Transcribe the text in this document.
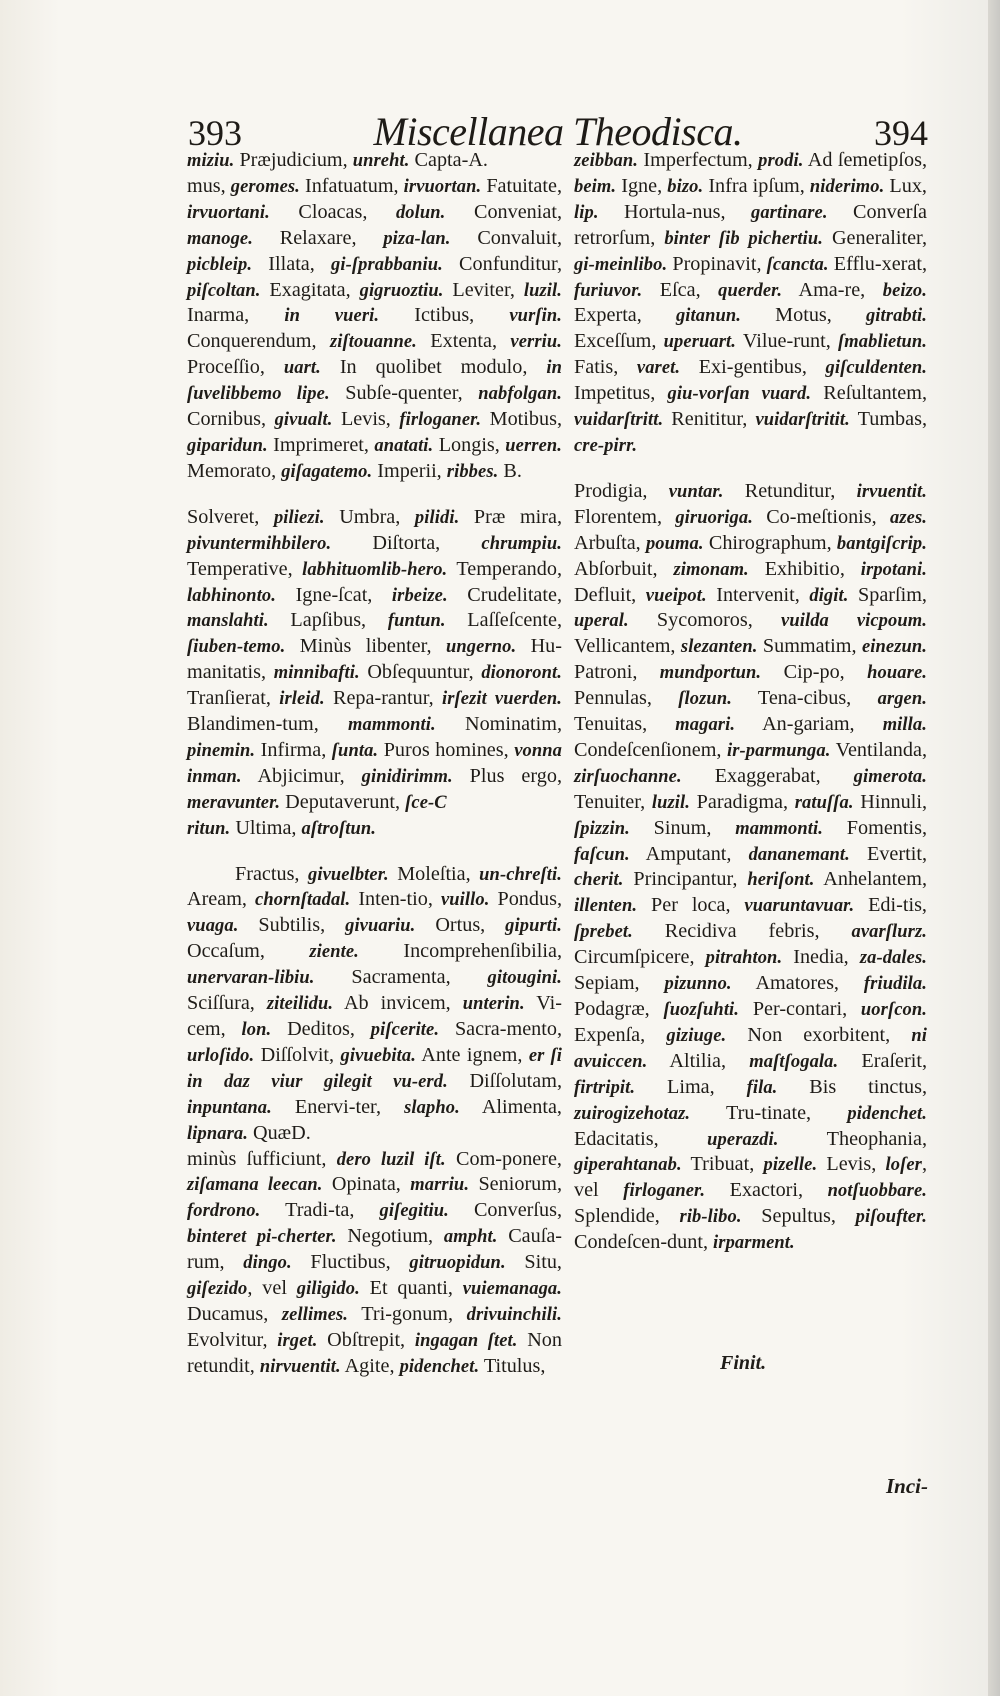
393	Miscellanea Theodisca.	394

miziu. Præjudicium, unreht. Capta-A.

mus, geromes. Infatuatum, irvuortan. Fatuitate, irvuortani. Cloacas, dolun. Conveniat, manoge. Relaxare, piza-lan. Convaluit, picbleip. Illata, gi-ſprabbaniu. Confunditur, piſcoltan. Exagitata, gigruoztiu. Leviter, luzil. Inarma, in vueri. Ictibus, vurſin. Conquerendum, ziſtouanne. Extenta, verriu. Proceſſio, uart. In quolibet modulo, in ſuvelibbemo lipe. Subſe-quenter, nabfolgan. Cornibus, givualt. Levis, firloganer. Motibus, giparidun. Imprimeret, anatati. Longis, uerren. Memorato, giſagatemo. Imperii, ribbes. B.

Solveret, piliezi. Umbra, pilidi. Præ mira, pivuntermihbilero. Diſtorta, chrumpiu. Temperative, labhituomlib-hero. Temperando, labhinonto. Igne-ſcat, irbeize. Crudelitate, manslahti. Lapſibus, funtun. Laſſeſcente, ſiuben-temo. Minùs libenter, ungerno. Hu-manitatis, minnibafti. Obſequuntur, dionoront. Tranſierat, irleid. Repa-rantur, irſezit vuerden. Blandimen-tum, mammonti. Nominatim, pinemin. Infirma, ſunta. Puros homines, vonna inman. Abjicimur, ginidirimm. Plus ergo, meravunter. Deputaverunt, ſce-C

ritun. Ultima, aſtroſtun.

Fractus, givuelbter. Moleſtia, un-chreſti. Aream, chornſtadal. Inten-tio, vuillo. Pondus, vuaga. Subtilis, givuariu. Ortus, gipurti. Occaſum, ziente. Incomprehenſibilia, unervaran-libiu. Sacramenta, gitougini. Sciſſura, ziteilidu. Ab invicem, unterin. Vi-cem, lon. Deditos, piſcerite. Sacra-mento, urloſido. Diſſolvit, givuebita. Ante ignem, er ſi in daz viur gilegit vu-erd. Diſſolutam, inpuntana. Enervi-ter, slapho. Alimenta, lipnara. QuæD.

minùs ſufficiunt, dero luzil iſt. Com-ponere, ziſamana leecan. Opinata, marriu. Seniorum, fordrono. Tradi-ta, giſegitiu. Converſus, binteret pi-cherter. Negotium, ampht. Cauſa-rum, dingo. Fluctibus, gitruopidun. Situ, giſezido, vel giligido. Et quanti, vuiemanaga. Ducamus, zellimes. Tri-gonum, drivuinchili. Evolvitur, irget. Obſtrepit, ingagan ſtet. Non retundit, nirvuentit. Agite, pidenchet. Titulus,

zeibban. Imperfectum, prodi. Ad ſemetipſos, beim. Igne, bizo. Infra ipſum, niderimo. Lux, lip. Hortula-nus, gartinare. Converſa retrorſum, binter ſib pichertiu. Generaliter, gi-meinlibo. Propinavit, ſcancta. Efflu-xerat, furiuvor. Eſca, querder. Ama-re, beizo. Experta, gitanun. Motus, gitrabti. Exceſſum, uperuart. Vilue-runt, ſmablietun. Fatis, varet. Exi-gentibus, giſculdenten. Impetitus, giu-vorſan vuard. Reſultantem, vuidarſtritt. Renititur, vuidarſtritit. Tumbas, cre-pirr.

Prodigia, vuntar. Retunditur, irvuentit. Florentem, giruoriga. Co-meſtionis, azes. Arbuſta, pouma. Chirographum, bantgiſcrip. Abſorbuit, zimonam. Exhibitio, irpotani. Defluit, vueipot. Intervenit, digit. Sparſim, uperal. Sycomoros, vuilda vicpoum. Vellicantem, slezanten. Summatim, einezun. Patroni, mundportun. Cip-po, houare. Pennulas, ſlozun. Tena-cibus, argen. Tenuitas, magari. An-gariam, milla. Condeſcenſionem, ir-parmunga. Ventilanda, zirſuochanne. Exaggerabat, gimerota. Tenuiter, luzil. Paradigma, ratuſſa. Hinnuli, ſpizzin. Sinum, mammonti. Fomentis, faſcun. Amputant, dananemant. Evertit, cherit. Principantur, heriſont. Anhelantem, illenten. Per loca, vuaruntavuar. Edi-tis, ſprebet. Recidiva febris, avarſlurz. Circumſpicere, pitrahton. Inedia, za-dales. Sepiam, pizunno. Amatores, friudila. Podagræ, ſuozſuhti. Per-contari, uorſcon. Expenſa, giziuge. Non exorbitent, ni avuiccen. Altilia, maſtſogala. Eraſerit, firtripit. Lima, fila. Bis tinctus, zuirogizehotaz. Tru-tinate, pidenchet. Edacitatis, uperazdi. Theophania, giperahtanab. Tribuat, pizelle. Levis, loſer, vel firloganer. Exactori, notſuobbare. Splendide, rib-libo. Sepultus, piſoufter. Condeſcen-dunt, irparment.

Finit.
Inci-
